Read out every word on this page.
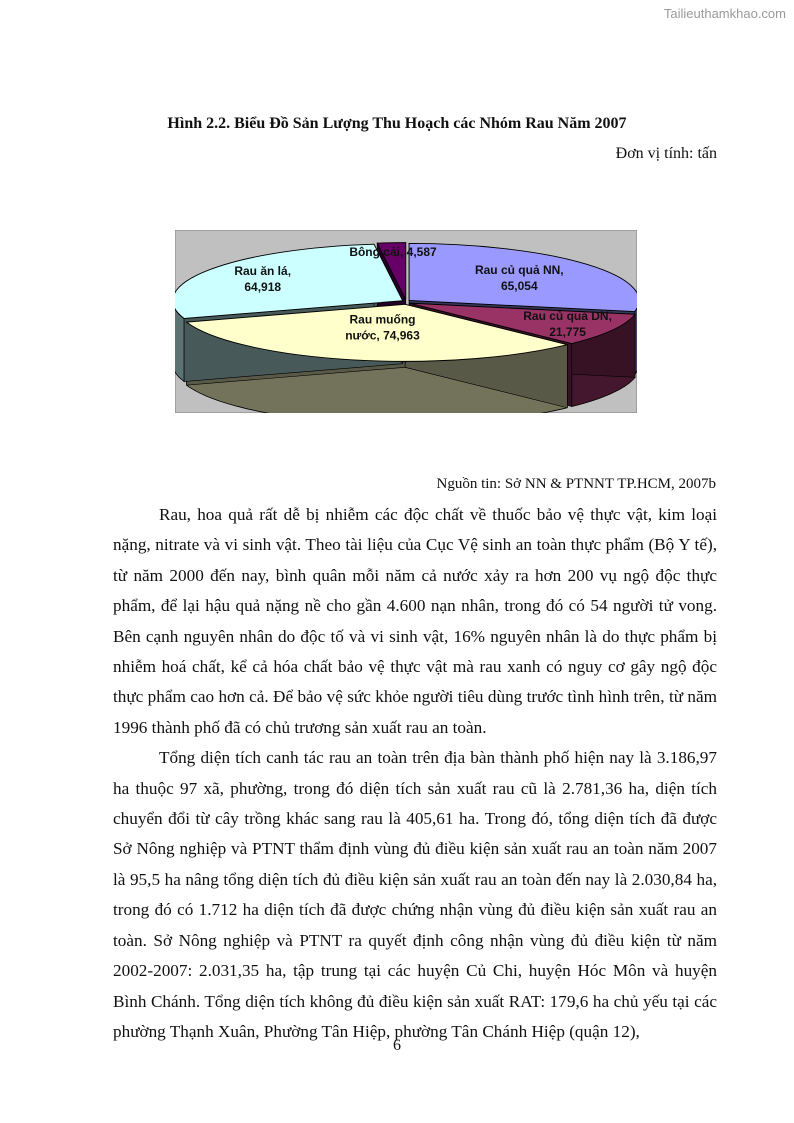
Tailieuthamkhao.com
Hình 2.2. Biểu Đồ Sản Lượng Thu Hoạch các Nhóm Rau Năm 2007
Đơn vị tính: tấn
Rau củ quả NN, 65,054
Rau củ quả DN, 21,775
Rau muống nước, 74,963
Rau ăn lá, 64,918
Bông cải, 4,587
Nguồn tin: Sở NN & PTNNT TP.HCM, 2007b

Rau, hoa quả rất dễ bị nhiễm các độc chất về thuốc bảo vệ thực vật, kim loại nặng, nitrate và vi sinh vật. Theo tài liệu của Cục Vệ sinh an toàn thực phẩm (Bộ Y tế), từ năm 2000 đến nay, bình quân mỗi năm cả nước xảy ra hơn 200 vụ ngộ độc thực phẩm, để lại hậu quả nặng nề cho gần 4.600 nạn nhân, trong đó có 54 người tử vong. Bên cạnh nguyên nhân do độc tố và vi sinh vật, 16% nguyên nhân là do thực phẩm bị nhiễm hoá chất, kể cả hóa chất bảo vệ thực vật mà rau xanh có nguy cơ gây ngộ độc thực phẩm cao hơn cả. Để bảo vệ sức khỏe người tiêu dùng trước tình hình trên, từ năm 1996 thành phố đã có chủ trương sản xuất rau an toàn.

Tổng diện tích canh tác rau an toàn trên địa bàn thành phố hiện nay là 3.186,97 ha thuộc 97 xã, phường, trong đó diện tích sản xuất rau cũ là 2.781,36 ha, diện tích chuyển đổi từ cây trồng khác sang rau là 405,61 ha. Trong đó, tổng diện tích đã được Sở Nông nghiệp và PTNT thẩm định vùng đủ điều kiện sản xuất rau an toàn năm 2007 là 95,5 ha nâng tổng diện tích đủ điều kiện sản xuất rau an toàn đến nay là 2.030,84 ha, trong đó có 1.712 ha diện tích đã được chứng nhận vùng đủ điều kiện sản xuất rau an toàn. Sở Nông nghiệp và PTNT ra quyết định công nhận vùng đủ điều kiện từ năm 2002-2007: 2.031,35 ha, tập trung tại các huyện Củ Chi, huyện Hóc Môn và huyện Bình Chánh. Tổng diện tích không đủ điều kiện sản xuất RAT: 179,6 ha chủ yếu tại các phường Thạnh Xuân, Phường Tân Hiệp, phường Tân Chánh Hiệp (quận 12),

6
